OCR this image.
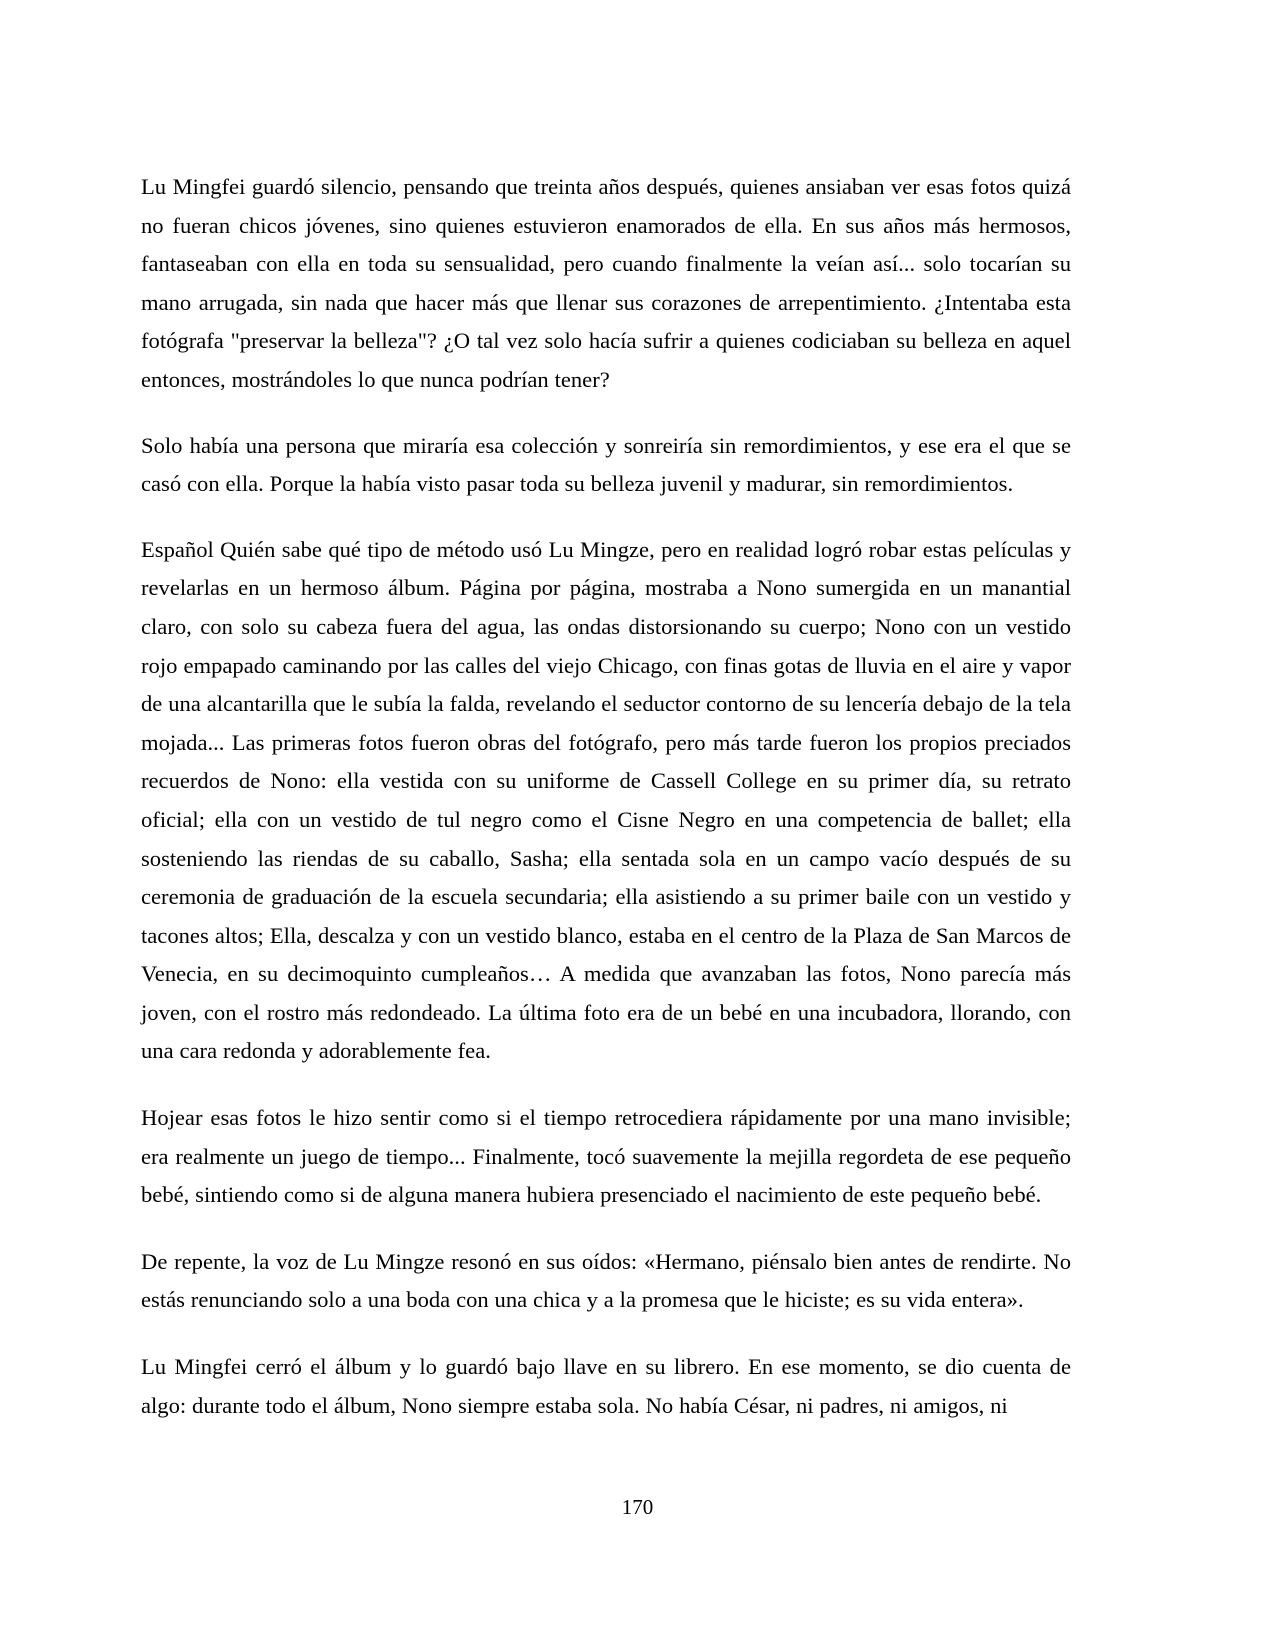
Lu Mingfei guardó silencio, pensando que treinta años después, quienes ansiaban ver esas fotos quizá no fueran chicos jóvenes, sino quienes estuvieron enamorados de ella. En sus años más hermosos, fantaseaban con ella en toda su sensualidad, pero cuando finalmente la veían así... solo tocarían su mano arrugada, sin nada que hacer más que llenar sus corazones de arrepentimiento. ¿Intentaba esta fotógrafa "preservar la belleza"? ¿O tal vez solo hacía sufrir a quienes codiciaban su belleza en aquel entonces, mostrándoles lo que nunca podrían tener?

Solo había una persona que miraría esa colección y sonreiría sin remordimientos, y ese era el que se casó con ella. Porque la había visto pasar toda su belleza juvenil y madurar, sin remordimientos.

Español Quién sabe qué tipo de método usó Lu Mingze, pero en realidad logró robar estas películas y revelarlas en un hermoso álbum. Página por página, mostraba a Nono sumergida en un manantial claro, con solo su cabeza fuera del agua, las ondas distorsionando su cuerpo; Nono con un vestido rojo empapado caminando por las calles del viejo Chicago, con finas gotas de lluvia en el aire y vapor de una alcantarilla que le subía la falda, revelando el seductor contorno de su lencería debajo de la tela mojada... Las primeras fotos fueron obras del fotógrafo, pero más tarde fueron los propios preciados recuerdos de Nono: ella vestida con su uniforme de Cassell College en su primer día, su retrato oficial; ella con un vestido de tul negro como el Cisne Negro en una competencia de ballet; ella sosteniendo las riendas de su caballo, Sasha; ella sentada sola en un campo vacío después de su ceremonia de graduación de la escuela secundaria; ella asistiendo a su primer baile con un vestido y tacones altos; Ella, descalza y con un vestido blanco, estaba en el centro de la Plaza de San Marcos de Venecia, en su decimoquinto cumpleaños… A medida que avanzaban las fotos, Nono parecía más joven, con el rostro más redondeado. La última foto era de un bebé en una incubadora, llorando, con una cara redonda y adorablemente fea.

Hojear esas fotos le hizo sentir como si el tiempo retrocediera rápidamente por una mano invisible; era realmente un juego de tiempo... Finalmente, tocó suavemente la mejilla regordeta de ese pequeño bebé, sintiendo como si de alguna manera hubiera presenciado el nacimiento de este pequeño bebé.

De repente, la voz de Lu Mingze resonó en sus oídos: «Hermano, piénsalo bien antes de rendirte. No estás renunciando solo a una boda con una chica y a la promesa que le hiciste; es su vida entera».

Lu Mingfei cerró el álbum y lo guardó bajo llave en su librero. En ese momento, se dio cuenta de algo: durante todo el álbum, Nono siempre estaba sola. No había César, ni padres, ni amigos, ni

170
